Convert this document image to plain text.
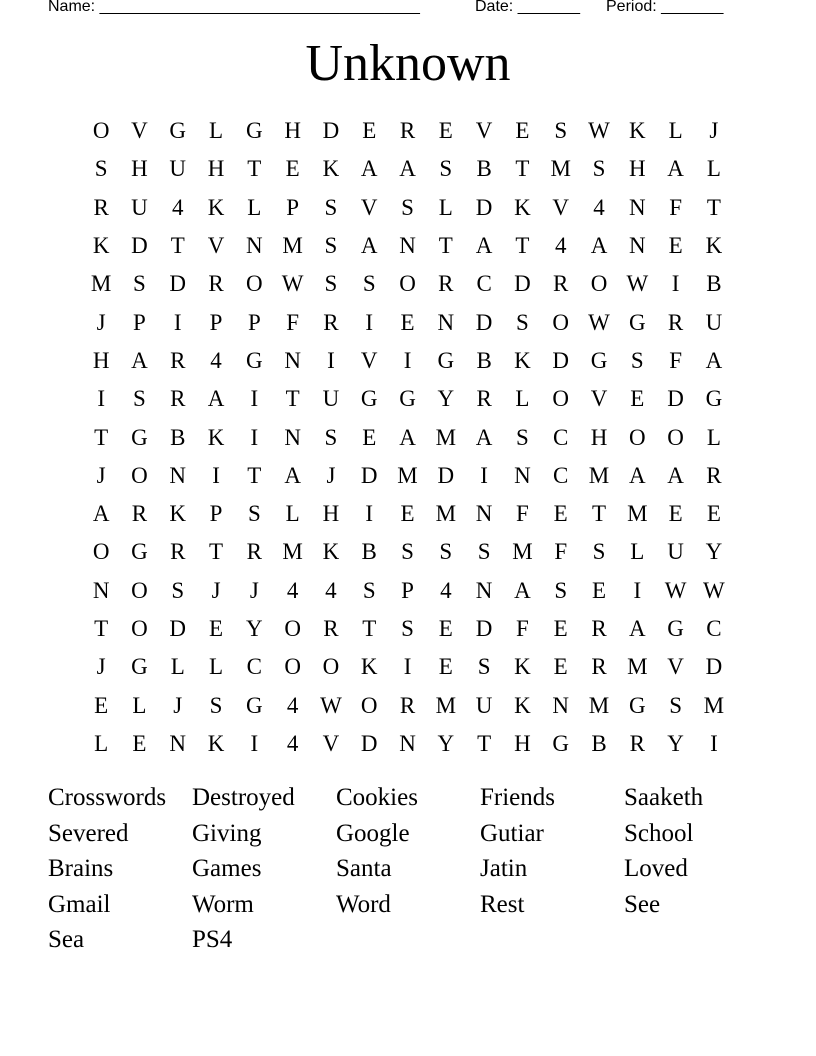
Name: ____________________________________	Date: _______ Period: _______
Unknown
O V G L G H D E	R	E V E	S W K L	J
S	H U H T	E K A A	S	B	T M S	H A L
R U	4	K L	P	S	V	S	L D K V	4	N	F	T
K D T V N M S	A N T A T	4	A N E K
M S	D R O W S	S	O R C D R O W	I	B
J	P	I	P	P	F	R	I	E N D	S	O W G R U
H A R	4	G N	I	V	I	G B K D G	S	F	A
I	S	R A	I	T U G G Y R	L O V E D G
T G B K	I	N	S	E A M A	S	C H O O L
J	O N	I	T A	J	D M D	I	N C M A A R
A R K	P	S	L H	I	E M N	F	E	T M E	E
O G R	T	R M K B	S	S	S M F	S	L U Y
N O	S	J	J	4	4	S	P	4	N A	S	E	I	W W
T O D E Y O R	T	S	E D	F	E	R A G C
J	G L	L	C O O K	I	E	S	K E	R M V D
E	L	J	S	G	4 W O R M U K N M G	S M
L	E N K	I	4	V D N Y T H G B R Y	I
Crosswords	Destroyed	Cookies	Friends	Saaketh
Severed	Giving	Google	Gutiar	School
Brains	Games	Santa	Jatin	Loved
Gmail	Worm	Word	Rest	See
Sea	PS4
